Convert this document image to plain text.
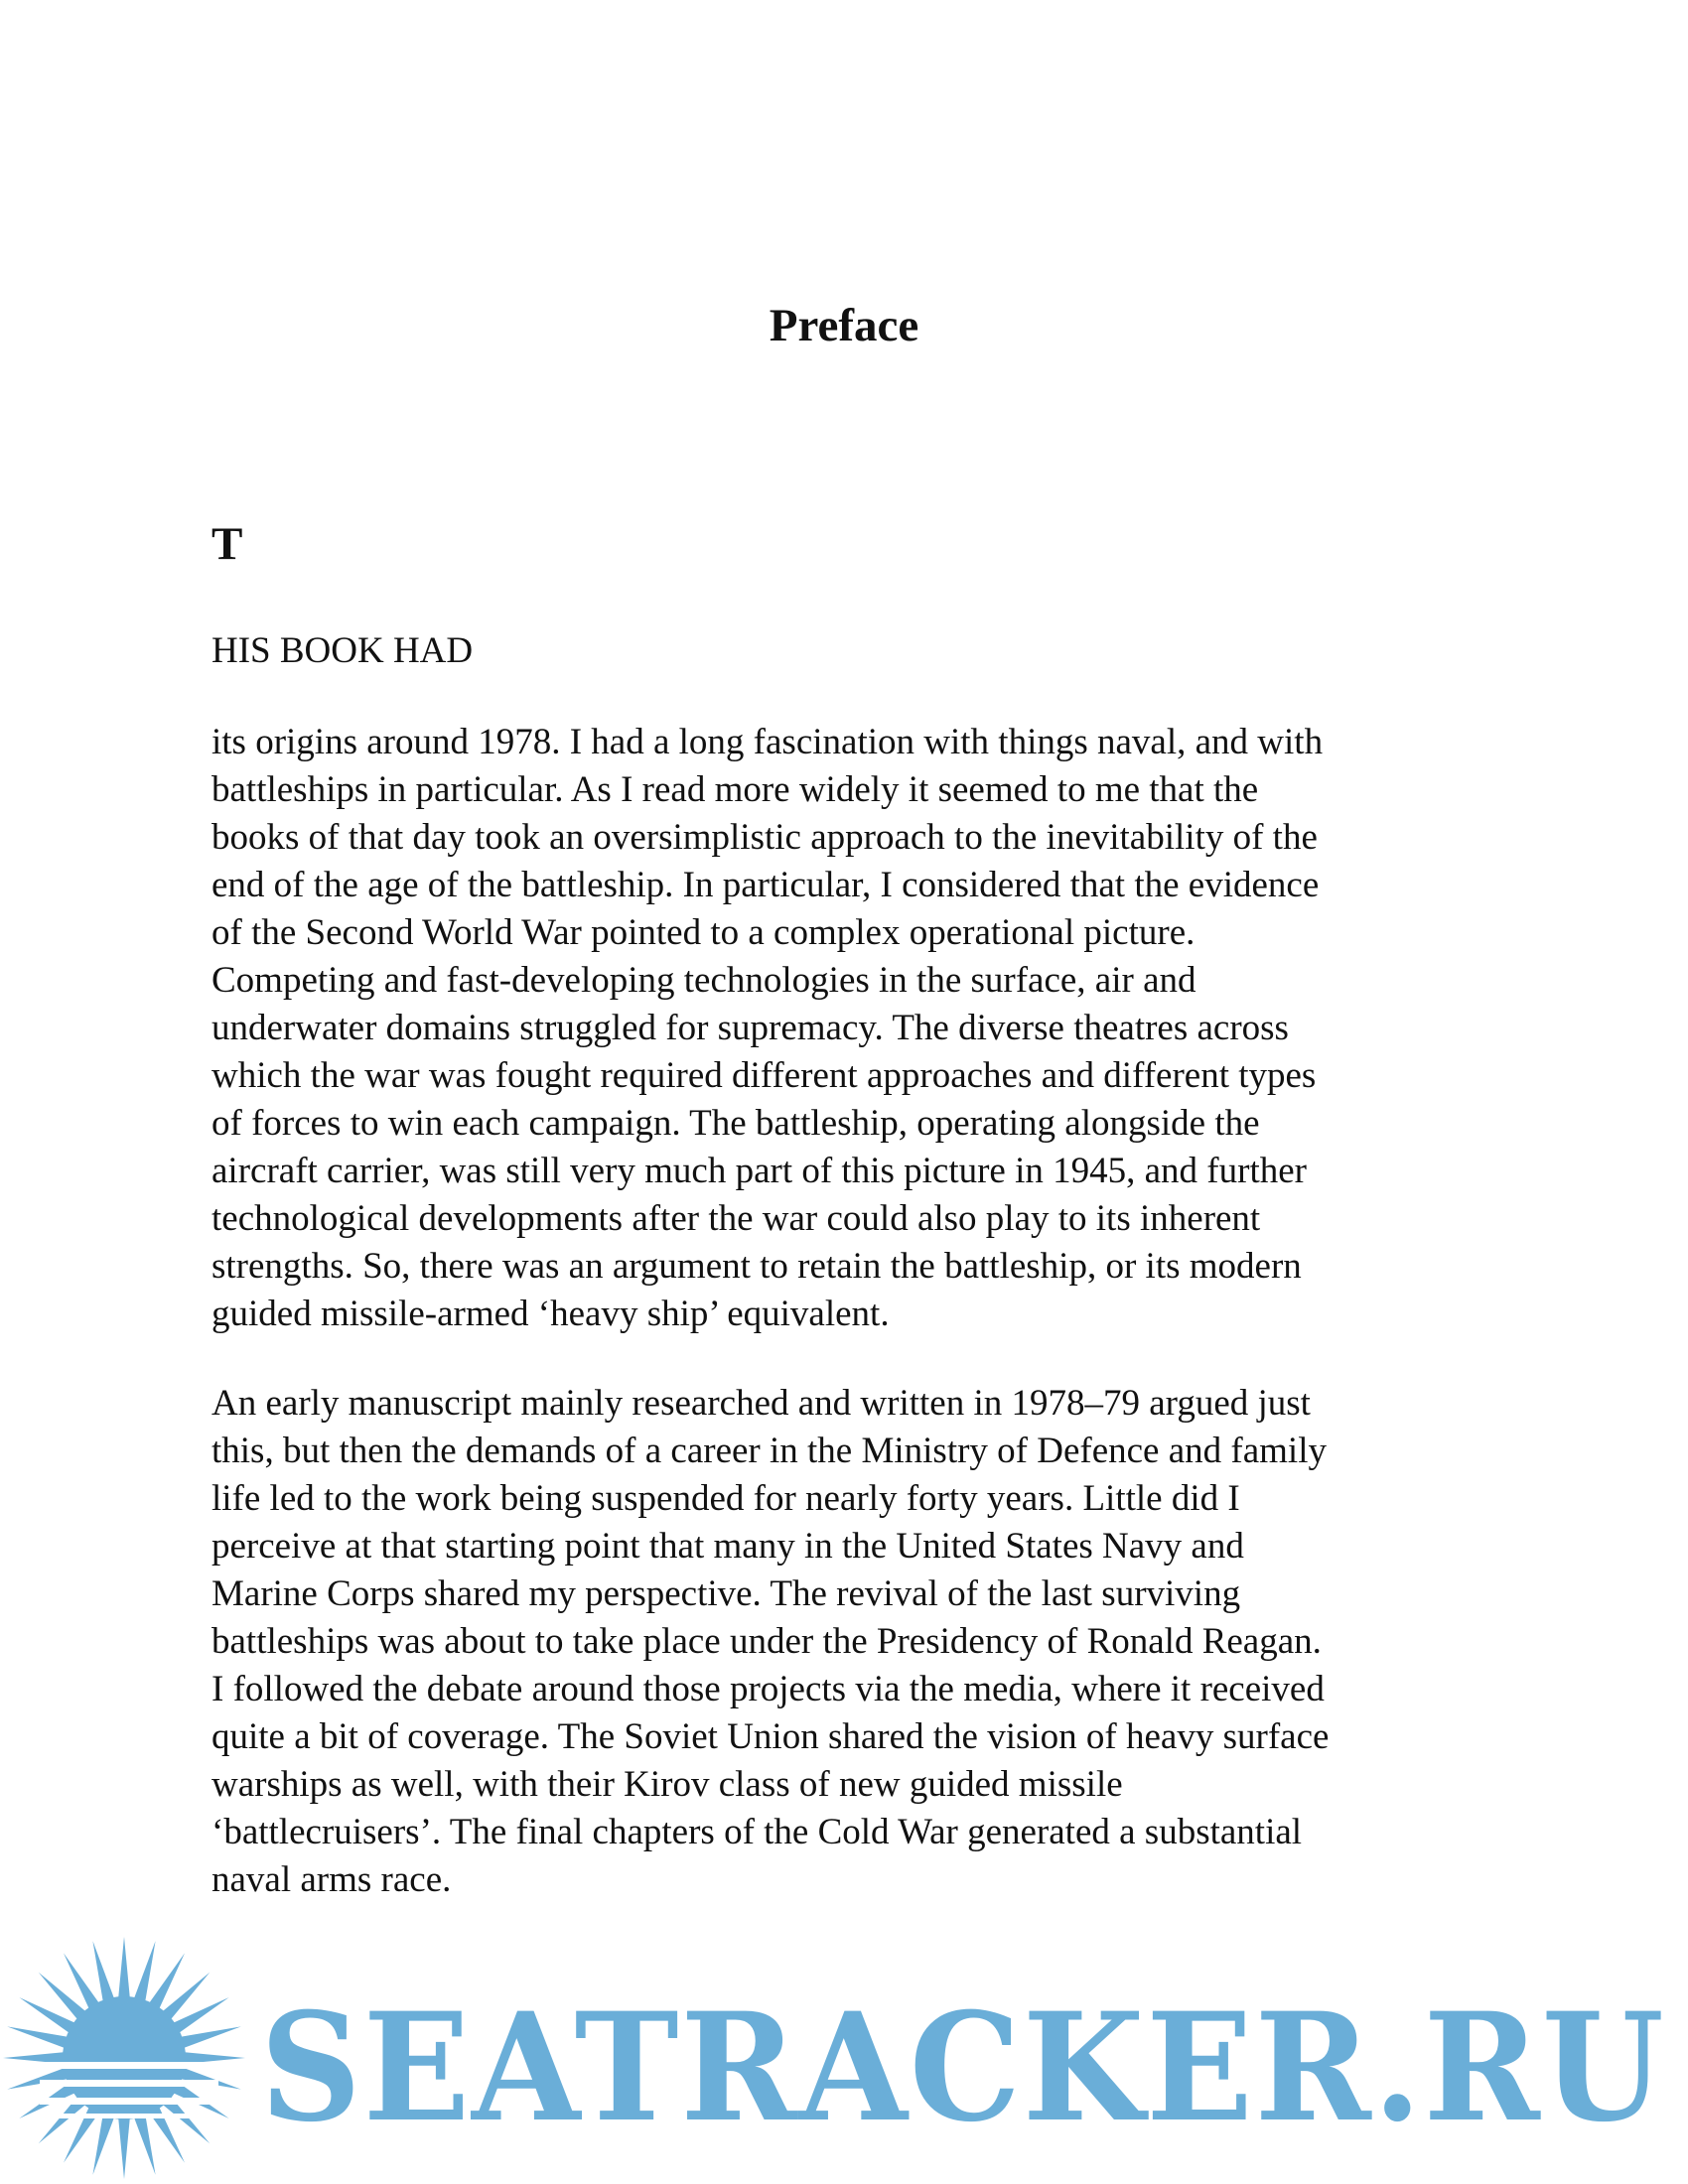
Preface
T
HIS BOOK HAD

its origins around 1978. I had a long fascination with things naval, and with
battleships in particular. As I read more widely it seemed to me that the
books of that day took an oversimplistic approach to the inevitability of the
end of the age of the battleship. In particular, I considered that the evidence
of the Second World War pointed to a complex operational picture.
Competing and fast-developing technologies in the surface, air and
underwater domains struggled for supremacy. The diverse theatres across
which the war was fought required different approaches and different types
of forces to win each campaign. The battleship, operating alongside the
aircraft carrier, was still very much part of this picture in 1945, and further
technological developments after the war could also play to its inherent
strengths. So, there was an argument to retain the battleship, or its modern
guided missile-armed ‘heavy ship’ equivalent.

An early manuscript mainly researched and written in 1978–79 argued just
this, but then the demands of a career in the Ministry of Defence and family
life led to the work being suspended for nearly forty years. Little did I
perceive at that starting point that many in the United States Navy and
Marine Corps shared my perspective. The revival of the last surviving
battleships was about to take place under the Presidency of Ronald Reagan.
I followed the debate around those projects via the media, where it received
quite a bit of coverage. The Soviet Union shared the vision of heavy surface
warships as well, with their Kirov class of new guided missile
‘battlecruisers’. The final chapters of the Cold War generated a substantial
naval arms race.

SEATRACKER.RU
